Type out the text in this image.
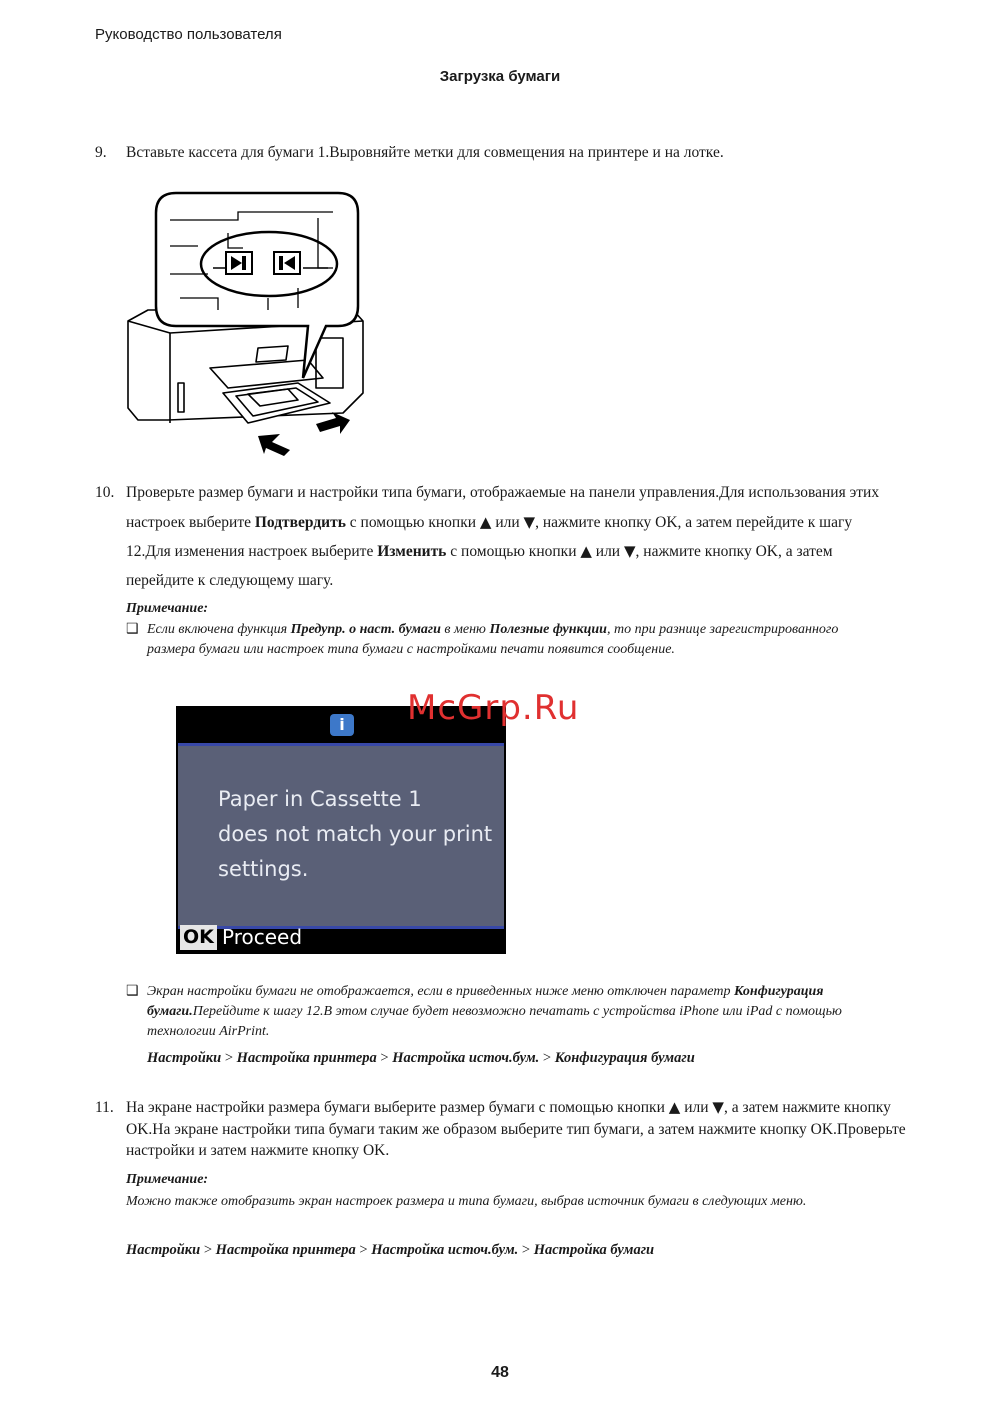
Руководство пользователя
Загрузка бумаги
9. Вставьте кассета для бумаги 1.Выровняйте метки для совмещения на принтере и на лотке.
10. Проверьте размер бумаги и настройки типа бумаги, отображаемые на панели управления.Для использования этих настроек выберите Подтвердить с помощью кнопки ▲ или ▼, нажмите кнопку OK, а затем перейдите к шагу 12.Для изменения настроек выберите Изменить с помощью кнопки ▲ или ▼, нажмите кнопку OK, а затем перейдите к следующему шагу.
Примечание:
❑ Если включена функция Предупр. о наст. бумаги в меню Полезные функции, то при разнице зарегистрированного размера бумаги или настроек типа бумаги с настройками печати появится сообщение.
i
Paper in Cassette 1
does not match your print
settings.
OK Proceed
McGrp.Ru
❑ Экран настройки бумаги не отображается, если в приведенных ниже меню отключен параметр Конфигурация бумаги.Перейдите к шагу 12.В этом случае будет невозможно печатать с устройства iPhone или iPad с помощью технологии AirPrint.
Настройки > Настройка принтера > Настройка источ.бум. > Конфигурация бумаги
11. На экране настройки размера бумаги выберите размер бумаги с помощью кнопки ▲ или ▼, а затем нажмите кнопку OK.На экране настройки типа бумаги таким же образом выберите тип бумаги, а затем нажмите кнопку OK.Проверьте настройки и затем нажмите кнопку OK.
Примечание:
Можно также отобразить экран настроек размера и типа бумаги, выбрав источник бумаги в следующих меню.
Настройки > Настройка принтера > Настройка источ.бум. > Настройка бумаги
48
